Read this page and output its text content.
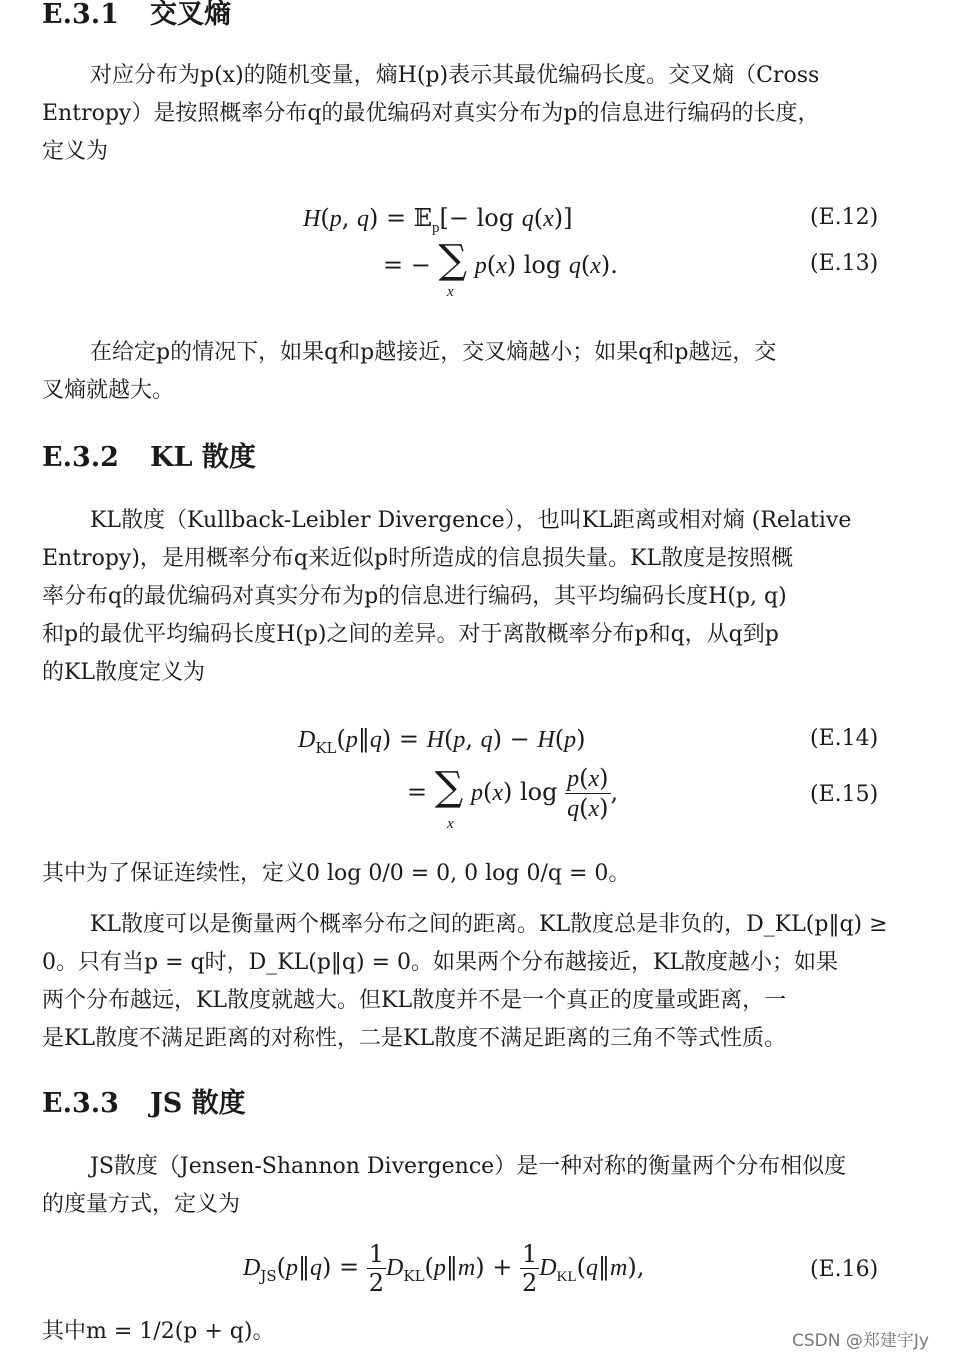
E.3.1 交叉熵
对应分布为p(x)的随机变量，熵H(p)表示其最优编码长度。交叉熵（Cross
Entropy）是按照概率分布q的最优编码对真实分布为p的信息进行编码的长度，
定义为
H(p, q) = 𝔼$_p$[− log q(x)]	(E.12)
= − ∑ p(x) log q(x).
x
(E.13)
在给定p的情况下，如果q和p越接近，交叉熵越小；如果q和p越远，交
叉熵就越大。
E.3.2 KL 散度
KL散度（Kullback-Leibler Divergence），也叫KL距离或相对熵 (Relative
Entropy)，是用概率分布q来近似p时所造成的信息损失量。KL散度是按照概
率分布q的最优编码对真实分布为p的信息进行编码，其平均编码长度H(p, q)
和p的最优平均编码长度H(p)之间的差异。对于离散概率分布p和q，从q到p
的KL散度定义为
$D_{KL}(p‖q) = H(p$, q) − H(p)	(E.14)
= ∑ p(x) $\log \frac{p(x)}{q(x)}$ ,
x
(E.15)
其中为了保证连续性，定义0 log 0/0 = 0, 0 log 0/q = 0。
KL散度可以是衡量两个概率分布之间的距离。KL散度总是非负的，D_KL(p‖q) ≥
0。只有当p = q时，D_KL(p‖q) = 0。如果两个分布越接近，KL散度越小；如果
两个分布越远，KL散度就越大。但KL散度并不是一个真正的度量或距离，一
是KL散度不满足距离的对称性，二是KL散度不满足距离的三角不等式性质。
E.3.3 JS 散度
JS散度（Jensen-Shannon Divergence）是一种对称的衡量两个分布相似度
的度量方式，定义为
$D_{JS}(p‖q) = \frac{1}{2}$ $D_{KL}(p‖m) + \frac{1}{2}$ $D_{KL}(q‖m)$,	(E.16)
其中m = 1/2(p + q)。	CSDN @郑建宇Jy
